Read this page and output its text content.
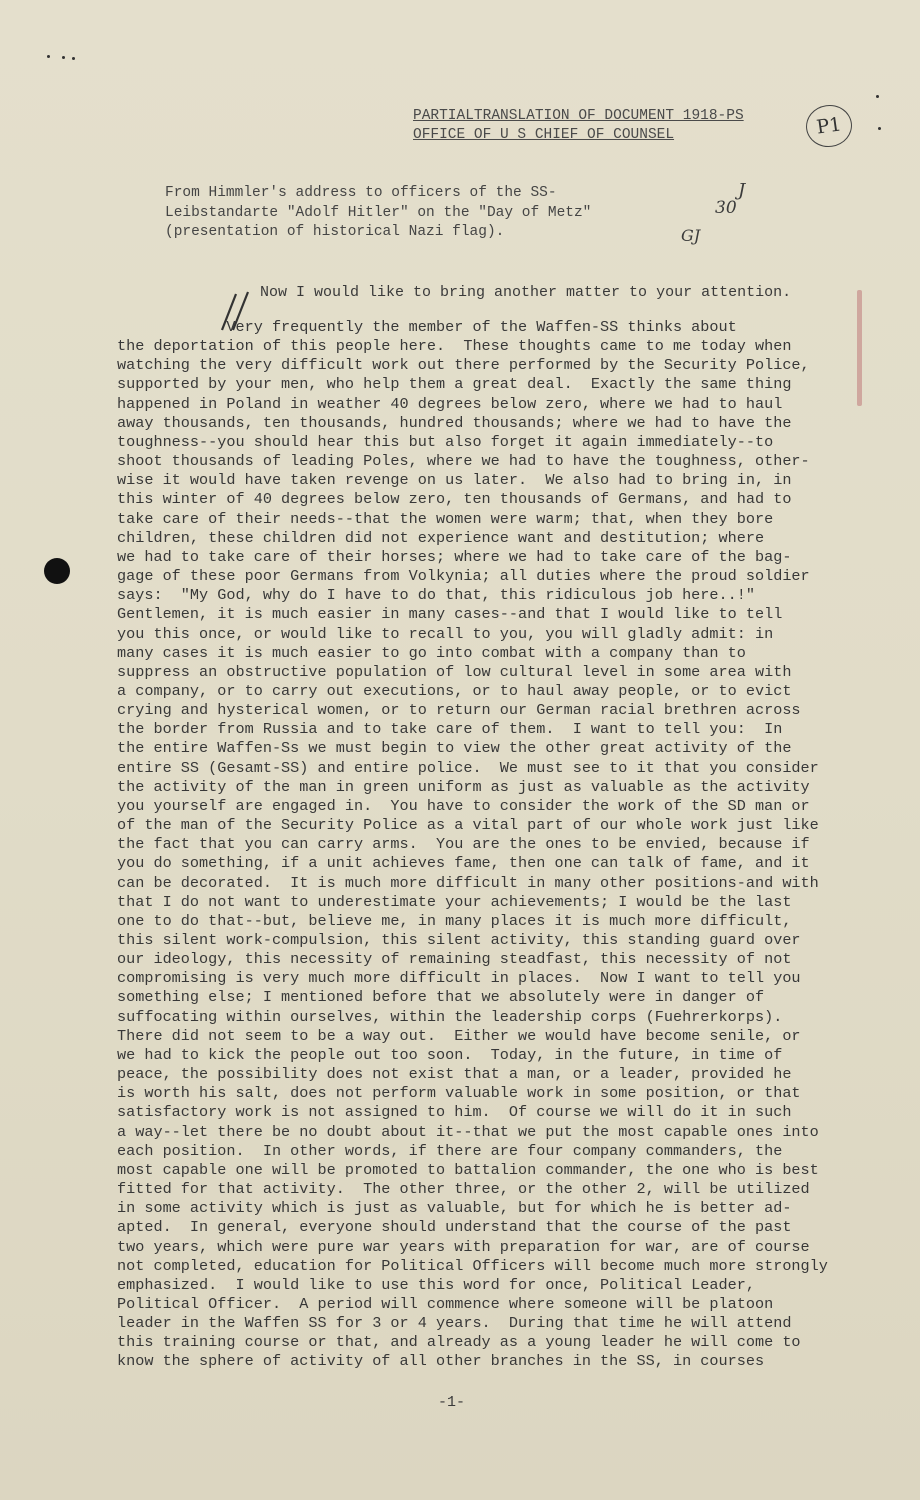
PARTIALTRANSLATION OF DOCUMENT 1918-PS
OFFICE OF U S CHIEF OF COUNSEL	P1
From Himmler's address to officers of the SS-
Leibstandarte "Adolf Hitler" on the "Day of Metz"
(presentation of historical Nazi flag).
J
30
GJ
Now I would like to bring another matter to your attention.
Very frequently the member of the Waffen-SS thinks about
the deportation of this people here.  These thoughts came to me today when
watching the very difficult work out there performed by the Security Police,
supported by your men, who help them a great deal.  Exactly the same thing
happened in Poland in weather 40 degrees below zero, where we had to haul
away thousands, ten thousands, hundred thousands; where we had to have the
toughness--you should hear this but also forget it again immediately--to
shoot thousands of leading Poles, where we had to have the toughness, other-
wise it would have taken revenge on us later.  We also had to bring in, in
this winter of 40 degrees below zero, ten thousands of Germans, and had to
take care of their needs--that the women were warm; that, when they bore
children, these children did not experience want and destitution; where
we had to take care of their horses; where we had to take care of the bag-
gage of these poor Germans from Volkynia; all duties where the proud soldier
says:  "My God, why do I have to do that, this ridiculous job here..!"
Gentlemen, it is much easier in many cases--and that I would like to tell
you this once, or would like to recall to you, you will gladly admit: in
many cases it is much easier to go into combat with a company than to
suppress an obstructive population of low cultural level in some area with
a company, or to carry out executions, or to haul away people, or to evict
crying and hysterical women, or to return our German racial brethren across
the border from Russia and to take care of them.  I want to tell you:  In
the entire Waffen-Ss we must begin to view the other great activity of the
entire SS (Gesamt-SS) and entire police.  We must see to it that you consider
the activity of the man in green uniform as just as valuable as the activity
you yourself are engaged in.  You have to consider the work of the SD man or
of the man of the Security Police as a vital part of our whole work just like
the fact that you can carry arms.  You are the ones to be envied, because if
you do something, if a unit achieves fame, then one can talk of fame, and it
can be decorated.  It is much more difficult in many other positions-and with
that I do not want to underestimate your achievements; I would be the last
one to do that--but, believe me, in many places it is much more difficult,
this silent work-compulsion, this silent activity, this standing guard over
our ideology, this necessity of remaining steadfast, this necessity of not
compromising is very much more difficult in places.  Now I want to tell you
something else; I mentioned before that we absolutely were in danger of
suffocating within ourselves, within the leadership corps (Fuehrerkorps).
There did not seem to be a way out.  Either we would have become senile, or
we had to kick the people out too soon.  Today, in the future, in time of
peace, the possibility does not exist that a man, or a leader, provided he
is worth his salt, does not perform valuable work in some position, or that
satisfactory work is not assigned to him.  Of course we will do it in such
a way--let there be no doubt about it--that we put the most capable ones into
each position.  In other words, if there are four company commanders, the
most capable one will be promoted to battalion commander, the one who is best
fitted for that activity.  The other three, or the other 2, will be utilized
in some activity which is just as valuable, but for which he is better ad-
apted.  In general, everyone should understand that the course of the past
two years, which were pure war years with preparation for war, are of course
not completed, education for Political Officers will become much more strongly
emphasized.  I would like to use this word for once, Political Leader,
Political Officer.  A period will commence where someone will be platoon
leader in the Waffen SS for 3 or 4 years.  During that time he will attend
this training course or that, and already as a young leader he will come to
know the sphere of activity of all other branches in the SS, in courses
-1-
